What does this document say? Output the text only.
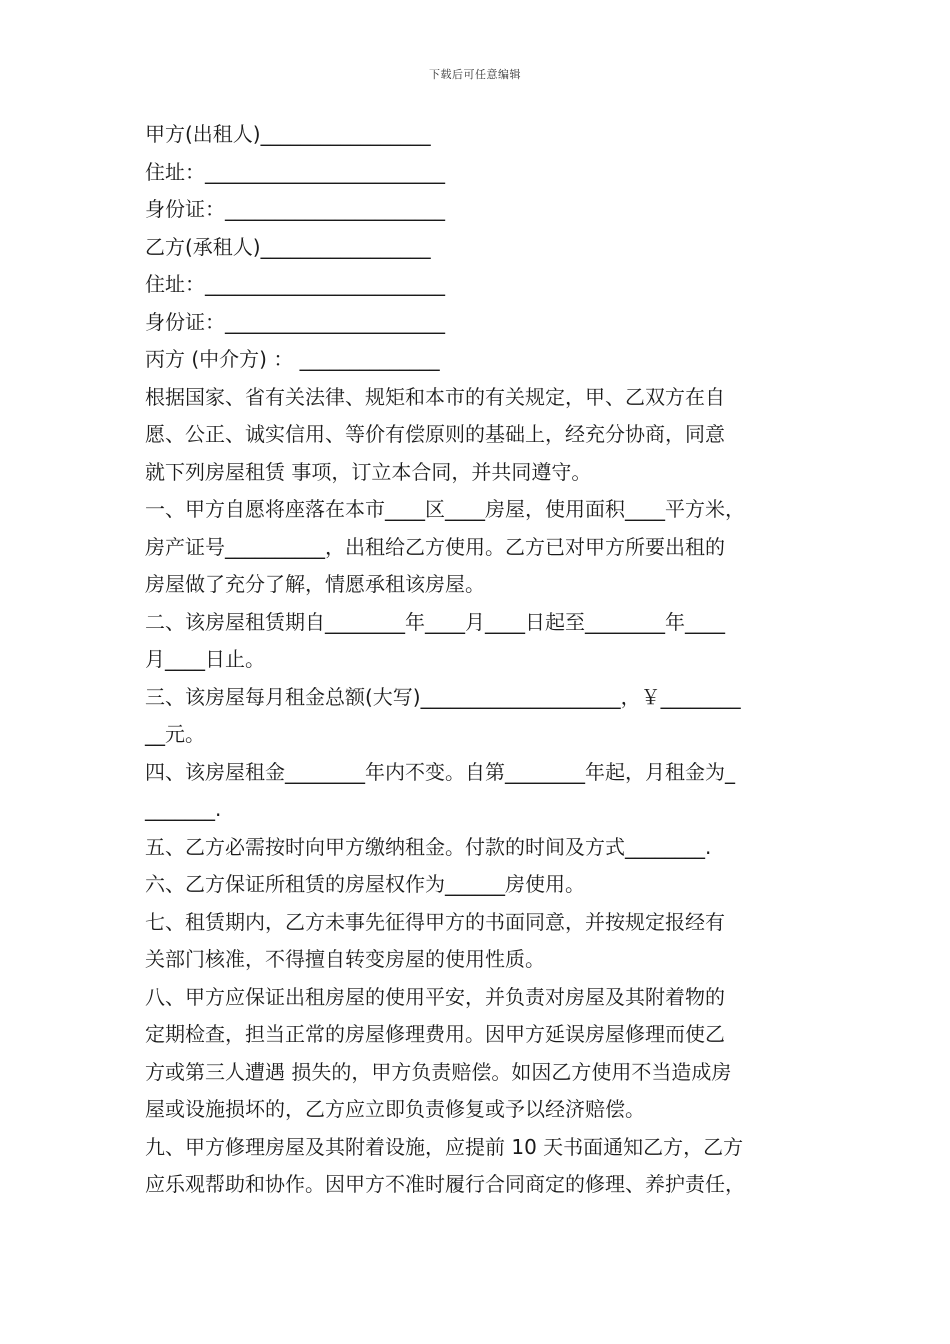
下载后可任意编辑
甲方(出租人)_________________
住址：________________________
身份证：______________________
乙方(承租人)_________________
住址：________________________
身份证：______________________
丙方 (中介方) ： ______________
根据国家、省有关法律、规矩和本市的有关规定，甲、乙双方在自
愿、公正、诚实信用、等价有偿原则的基础上，经充分协商，同意
就下列房屋租赁 事项，订立本合同，并共同遵守。
一、甲方自愿将座落在本市____区____房屋，使用面积____平方米，
房产证号__________，出租给乙方使用。乙方已对甲方所要出租的
房屋做了充分了解，情愿承租该房屋。
二、该房屋租赁期自________年____月____日起至________年____
月____日止。
三、该房屋每月租金总额(大写)____________________，￥________
__元。
四、该房屋租金________年内不变。自第________年起，月租金为_
_______.
五、乙方必需按时向甲方缴纳租金。付款的时间及方式________.
六、乙方保证所租赁的房屋权作为______房使用。
七、租赁期内，乙方未事先征得甲方的书面同意，并按规定报经有
关部门核准，不得擅自转变房屋的使用性质。
八、甲方应保证出租房屋的使用平安，并负责对房屋及其附着物的
定期检查，担当正常的房屋修理费用。因甲方延误房屋修理而使乙
方或第三人遭遇 损失的，甲方负责赔偿。如因乙方使用不当造成房
屋或设施损坏的，乙方应立即负责修复或予以经济赔偿。
九、甲方修理房屋及其附着设施，应提前 10 天书面通知乙方，乙方
应乐观帮助和协作。因甲方不准时履行合同商定的修理、养护责任，
